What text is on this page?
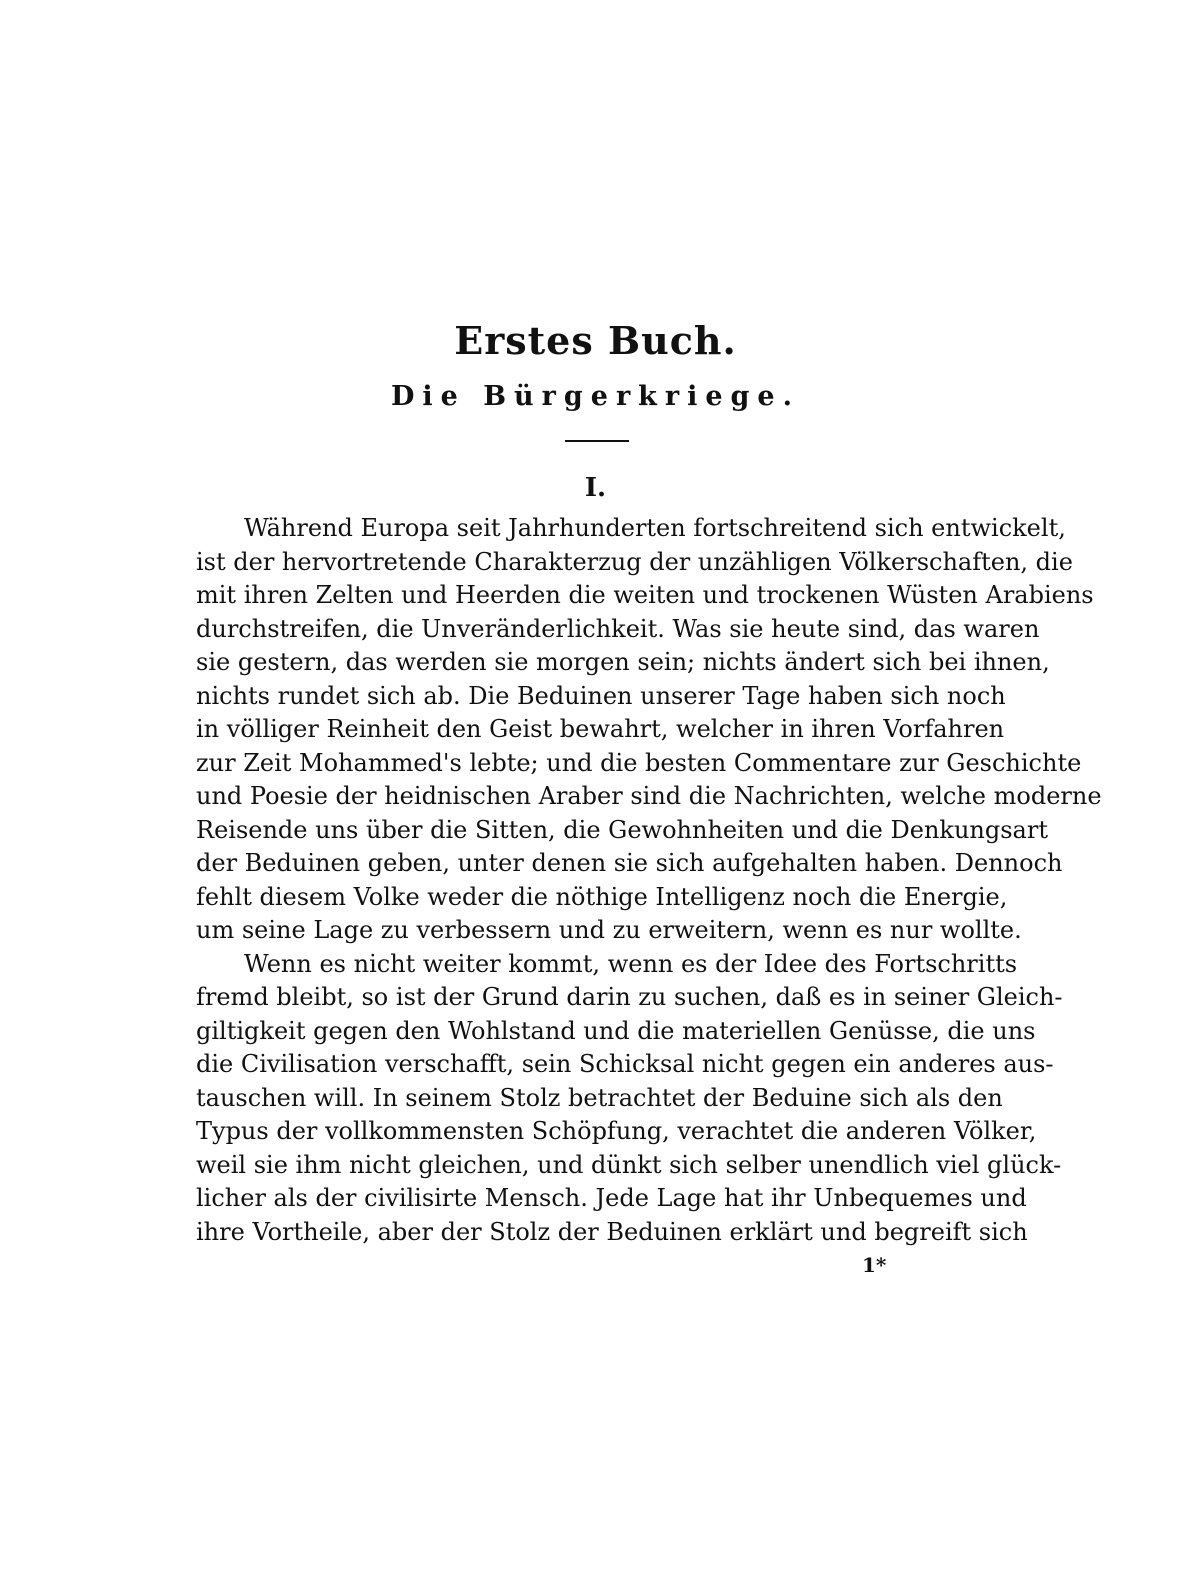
Erstes Buch.
Die Bürgerkriege.
I.
Während Europa seit Jahrhunderten fortschreitend sich entwickelt,
ist der hervortretende Charakterzug der unzähligen Völkerschaften, die
mit ihren Zelten und Heerden die weiten und trockenen Wüsten Arabiens
durchstreifen, die Unveränderlichkeit. Was sie heute sind, das waren
sie gestern, das werden sie morgen sein; nichts ändert sich bei ihnen,
nichts rundet sich ab. Die Beduinen unserer Tage haben sich noch
in völliger Reinheit den Geist bewahrt, welcher in ihren Vorfahren
zur Zeit Mohammed's lebte; und die besten Commentare zur Geschichte
und Poesie der heidnischen Araber sind die Nachrichten, welche moderne
Reisende uns über die Sitten, die Gewohnheiten und die Denkungsart
der Beduinen geben, unter denen sie sich aufgehalten haben. Dennoch
fehlt diesem Volke weder die nöthige Intelligenz noch die Energie,
um seine Lage zu verbessern und zu erweitern, wenn es nur wollte.
Wenn es nicht weiter kommt, wenn es der Idee des Fortschritts
fremd bleibt, so ist der Grund darin zu suchen, daß es in seiner Gleich-
giltigkeit gegen den Wohlstand und die materiellen Genüsse, die uns
die Civilisation verschafft, sein Schicksal nicht gegen ein anderes aus-
tauschen will. In seinem Stolz betrachtet der Beduine sich als den
Typus der vollkommensten Schöpfung, verachtet die anderen Völker,
weil sie ihm nicht gleichen, und dünkt sich selber unendlich viel glück-
licher als der civilisirte Mensch. Jede Lage hat ihr Unbequemes und
ihre Vortheile, aber der Stolz der Beduinen erklärt und begreift sich
1*
